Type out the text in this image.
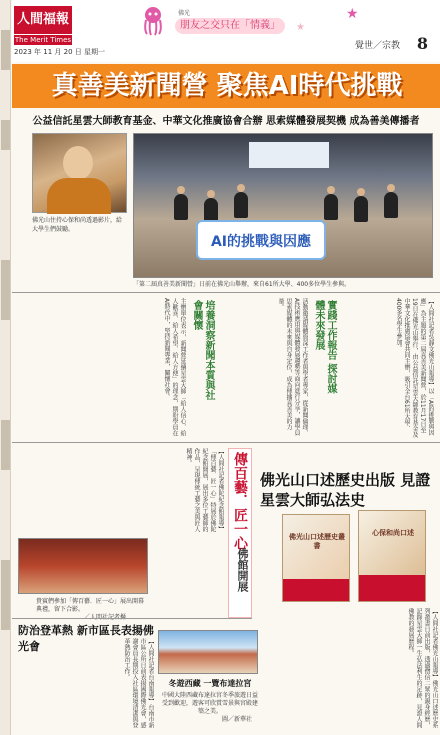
人間福報
The Merit Times
2023 年 11 月 20 日 星期一
佛光
朋友之交只在「情義」
★
★
覺世／宗教 8
真善美新聞營 聚焦AI時代挑戰
公益信託星雲大師教育基金、中華文化推廣協會合辦 思索媒體發展契機 成為善美傳播者
佛光山住持心保和尚透過影片，給大學生們鼓勵。
AI的挑戰與因應
「第二屆真善美新聞營」日前在佛光山舉辦，來自61所大學、400多位學生參與。
【人間社記者吳靜文佛光山報導】以「AI的挑戰與因應」為主題的第二屆真善美新聞營，於11月17日至19日在佛光山舉行，由公益信託星雲大師教育基金及中華文化推廣協會共同主辦，吸引全台61所大學、400多名學生參加。
實踐工作報告 探討媒體未來發展
活動邀請媒體資深工作者與學者專家，從新聞倫理、AI技術應用與媒體發展趨勢等面向進行分享，讓學員思索媒體的未來與自身定位，成為傳播真善美的力量。
培養洞察新聞本質與社會關懷
主辦單位表示，新聞營延續星雲大師「給人信心、給人歡喜、給人希望、給人方便」的理念，期盼學員在AI時代中，堅持新聞專業，關懷社會。
佛光山口述歷史出版 見證星雲大師弘法史
佛光山口述歷史叢書
心保和尚口述
【人間社記者佛光山報導】佛光山口述歷史系列叢書日前出版，透過僧信二眾的親身經歷，記錄星雲大師一生弘法利生的足跡，見證人間佛教的發展歷程。
傳百藝．匠一心
佛館開展
【人間社記者佛陀紀念館報導】「傳百藝．匠一心」特展於佛陀紀念館開展，展出多位工藝師的作品，呈現傳統工藝之美與匠人精神。
貴賓們參加「傳百藝．匠一心」展出開幕典禮，留下合影。
防治登革熱 新市區長表揚佛光會	【人間社記者台南報導】台南市新市區公所日前表揚國際佛光會，感謝會員長期投入社區環境清潔與登革熱防治工作。
冬遊西藏 一覽布達拉宮
中國大陸西藏布達拉宮冬季旅遊日益受到歡迎，遊客可欣賞雪景與宮殿建築之美。
圖／新華社
